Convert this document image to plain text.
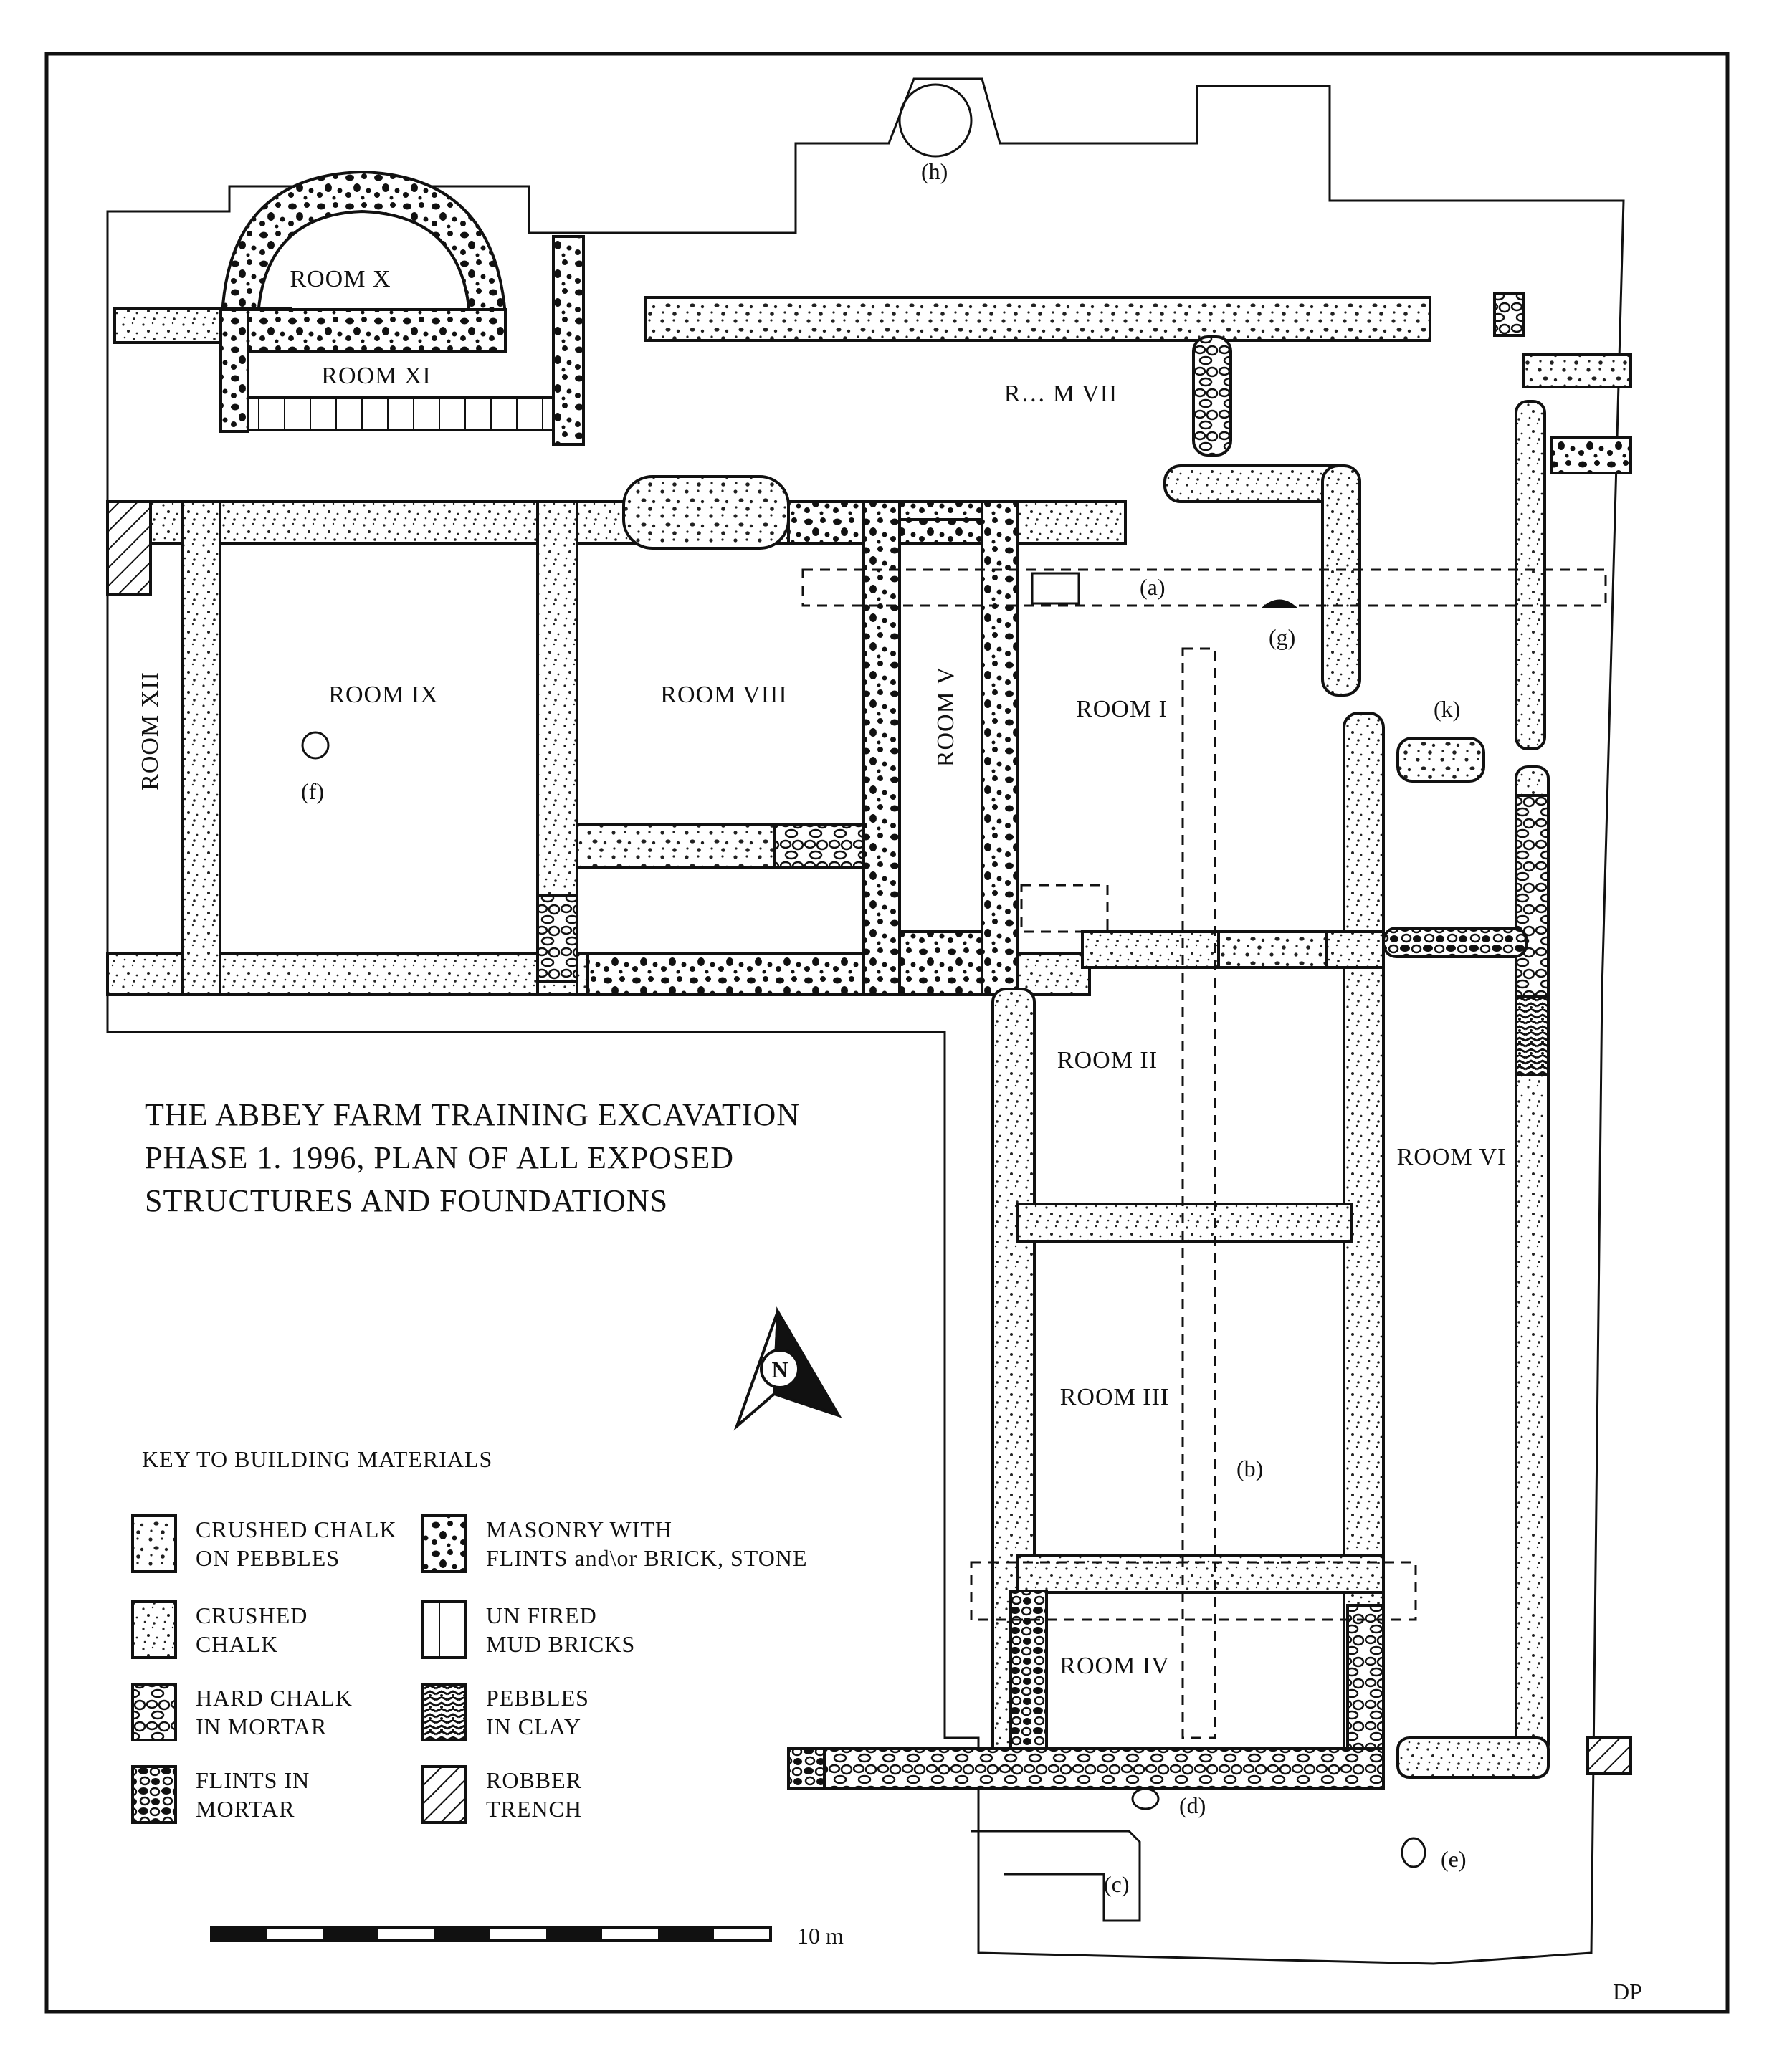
ROOM X
ROOM XI
R… M VII
ROOM IX	ROOM VIII
ROOM I
ROOM II
ROOM III
ROOM IV
ROOM VI
ROOM V
ROOM XII
(a)
(b)
(c)
(d)
(e)
(f)
(g)
(h)
(k)
THE ABBEY FARM TRAINING EXCAVATION
PHASE 1. 1996, PLAN OF ALL EXPOSED
STRUCTURES AND FOUNDATIONS
N
KEY TO BUILDING MATERIALS
CRUSHED CHALK
ON PEBBLES
MASONRY WITH
FLINTS and\or BRICK, STONE
CRUSHED
CHALK
UN FIRED
MUD BRICKS
HARD CHALK
IN MORTAR
PEBBLES
IN CLAY
FLINTS IN
MORTAR
ROBBER
TRENCH
10 m
DP
